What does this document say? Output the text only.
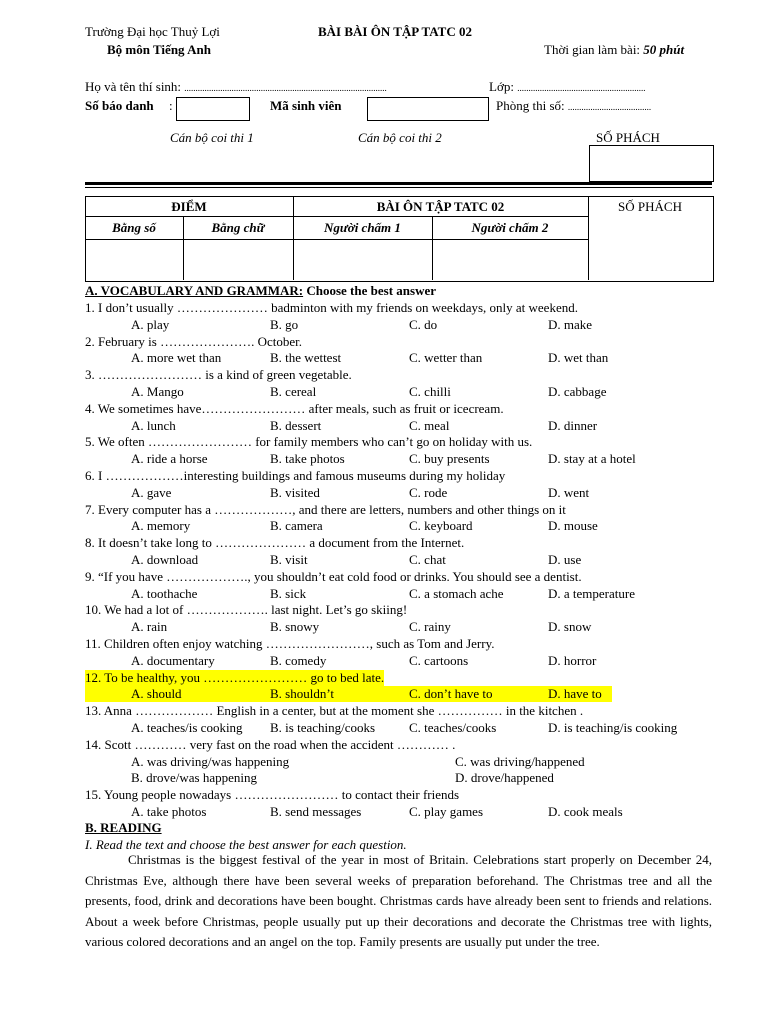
Trường Đại học Thuỷ Lợi
Bộ môn Tiếng Anh
BÀI BÀI ÔN TẬP TATC 02
Thời gian làm bài: 50 phút
Họ và tên thí sinh: ..........................................................................................	Lớp: .........................................................
Số báo danh :	Mã sinh viên	Phòng thi số: .....................................
Cán bộ coi thi 1	Cán bộ coi thi 2	SỐ PHÁCH
ĐIỂM	BÀI ÔN TẬP TATC 02	SỐ PHÁCH
Bằng số	Bằng chữ	Người chấm 1	Người chấm 2
A. VOCABULARY AND GRAMMAR: Choose the best answer
1. I don’t usually ………………… badminton with my friends on weekdays, only at weekend.
A. play	B. go	C. do	D. make
2. February is …………………. October.
A. more wet than	B. the wettest	C. wetter than	D. wet than
3. …………………… is a kind of green vegetable.
A. Mango	B. cereal	C. chilli	D. cabbage
4. We sometimes have…………………… after meals, such as fruit or icecream.
A. lunch	B. dessert	C. meal	D. dinner
5. We often …………………… for family members who can’t go on holiday with us.
A. ride a horse	B. take photos	C. buy presents	D. stay at a hotel
6. I ………………interesting buildings and famous museums during my holiday
A. gave	B. visited	C. rode	D. went
7. Every computer has a ………………, and there are letters, numbers and other things on it
A. memory	B. camera	C. keyboard	D. mouse
8. It doesn’t take long to ………………… a document from the Internet.
A. download	B. visit	C. chat	D. use
9. “If you have ………………., you shouldn’t eat cold food or drinks. You should see a dentist.
A. toothache	B. sick	C. a stomach ache	D. a temperature
10. We had a lot of ………………. last night. Let’s go skiing!
A. rain	B. snowy	C. rainy	D. snow
11. Children often enjoy watching ……………………, such as Tom and Jerry.
A. documentary	B. comedy	C. cartoons	D. horror
12. To be healthy, you …………………… go to bed late.
A. should	B. shouldn’t	C. don’t have to	D. have to
13. Anna ……………… English in a center, but at the moment she …………… in the kitchen .
A. teaches/is cooking B. is teaching/cooks	C. teaches/cooks	D. is teaching/is cooking
14. Scott ………… very fast on the road when the accident ………… .
A. was driving/was happening	C. was driving/happened
B. drove/was happening	D. drove/happened
15. Young people nowadays …………………… to contact their friends
A. take photos	B. send messages	C. play games	D. cook meals
B. READING
I. Read the text and choose the best answer for each question.
Christmas is the biggest festival of the year in most of Britain. Celebrations start properly on December 24, Christmas Eve, although there have been several weeks of preparation beforehand. The Christmas tree and all the presents, food, drink and decorations have been bought. Christmas cards have already been sent to friends and relations. About a week before Christmas, people usually put up their decorations and decorate the Christmas tree with lights, various colored decorations and an angel on the top. Family presents are usually put under the tree.
